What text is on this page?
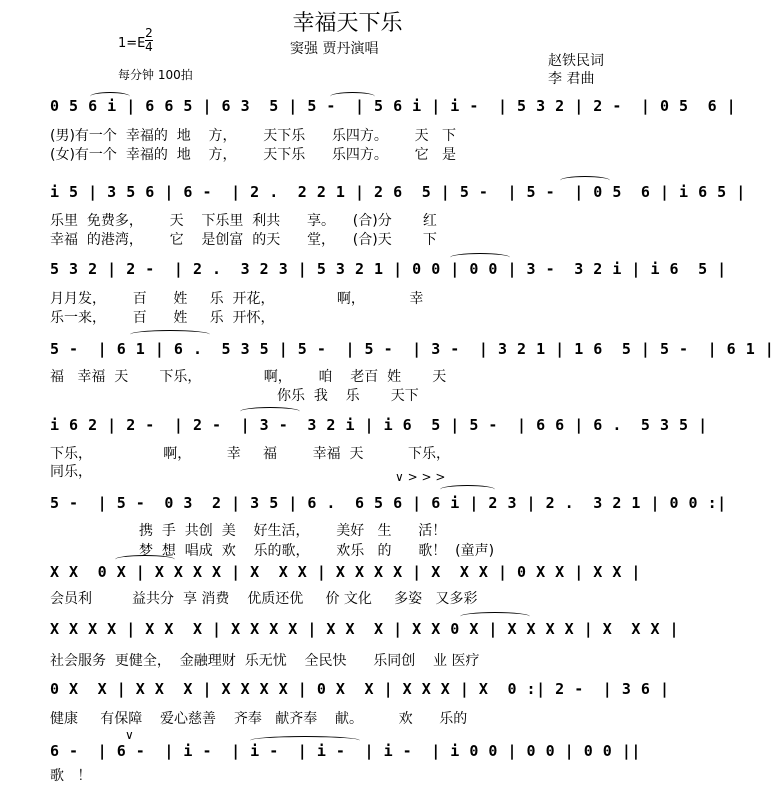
幸福天下乐
1=E
2
4
每分钟 100拍
窦强 贾丹演唱
赵铁民词
李 君曲
0 5 6 i | 6 6 5 | 6 3  5 | 5 -  | 5 6 i | i -  | 5 3 2 | 2 -  | 0 5  6 |
(男)有一个  幸福的  地    方，      天下乐      乐四方。      天   下
(女)有一个  幸福的  地    方，      天下乐      乐四方。      它   是
i 5 | 3 5 6 | 6 -  | 2 .  2 2 1 | 2 6  5 | 5 -  | 5 -  | 0 5  6 | i 6 5 |
乐里  免费多，      天    下乐里  利共      享。    (合)分       红
幸福  的港湾，      它    是创富  的天      堂，    (合)天       下
5 3 2 | 2 -  | 2 .  3 2 3 | 5 3 2 1 | 0 0 | 0 0 | 3 -  3 2 i | i 6  5 |
月月发，      百      姓     乐  开花，              啊，          幸
乐一来，      百      姓     乐  开怀，
5 -  | 6 1 | 6 .  5 3 5 | 5 -  | 5 -  | 3 -  | 3 2 1 | 1 6  5 | 5 -  | 6 1 |
福   幸福  天       下乐，              啊，      咱    老百  姓       天
你乐  我    乐       天下
i 6 2 | 2 -  | 2 -  | 3 -  3 2 i | i 6  5 | 5 -  | 6 6 | 6 .  5 3 5 |
下乐，                啊，        幸     福        幸福  天          下乐，
同乐，
5 -  | 5 -  0 3  2 | 3 5 | 6 .  6 5 6 | 6 i | 2 3 | 2 .  3 2 1 | 0 0 :|
携  手  共创  美    好生活，      美好   生      活！
梦  想  唱成  欢    乐的歌，      欢乐   的      歌！  (童声)
X X  0 X | X X X X | X  X X | X X X X | X  X X | 0 X X | X X |
会员利         益共分  享 消费    优质还优     价 文化     多姿   又多彩
X X X X | X X  X | X X X X | X X  X | X X 0 X | X X X X | X  X X |
社会服务  更健全，  金融理财  乐无忧    全民快      乐同创    业 医疗
0 X  X | X X  X | X X X X | 0 X  X | X X X | X  0 :| 2 -  | 3 6 |
健康     有保障    爱心慈善    齐奉   献齐奉    献。        欢      乐的
6 -  | 6 -  | i -  | i -  | i -  | i -  | i 0 0 | 0 0 | 0 0 ||
歌   ！
∨ > > >
∨
